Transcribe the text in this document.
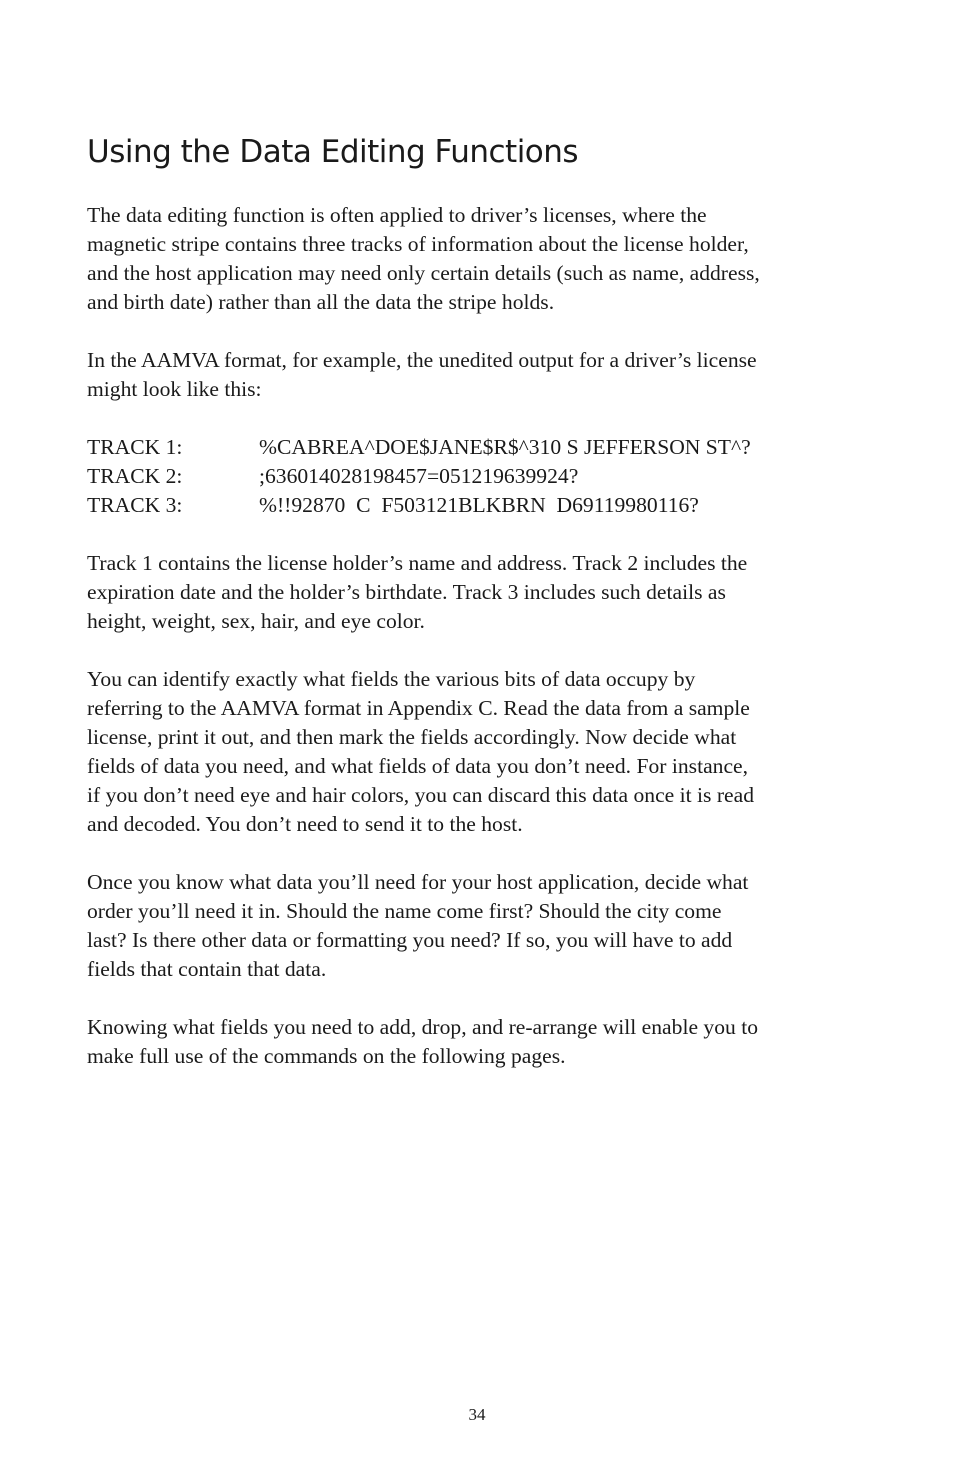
Using the Data Editing Functions

The data editing function is often applied to driver’s licenses, where the
magnetic stripe contains three tracks of information about the license holder,
and the host application may need only certain details (such as name, address,
and birth date) rather than all the data the stripe holds.

In the AAMVA format, for example, the unedited output for a driver’s license
might look like this:

TRACK 1:	%CABREA^DOE$JANE$R$^310 S JEFFERSON ST^?
TRACK 2:	;636014028198457=051219639924?
TRACK 3:	%!!92870  C  F503121BLKBRN  D69119980116?

Track 1 contains the license holder’s name and address. Track 2 includes the
expiration date and the holder’s birthdate. Track 3 includes such details as
height, weight, sex, hair, and eye color.

You can identify exactly what fields the various bits of data occupy by
referring to the AAMVA format in Appendix C. Read the data from a sample
license, print it out, and then mark the fields accordingly. Now decide what
fields of data you need, and what fields of data you don’t need. For instance,
if you don’t need eye and hair colors, you can discard this data once it is read
and decoded. You don’t need to send it to the host.

Once you know what data you’ll need for your host application, decide what
order you’ll need it in. Should the name come first? Should the city come
last? Is there other data or formatting you need? If so, you will have to add
fields that contain that data.

Knowing what fields you need to add, drop, and re-arrange will enable you to
make full use of the commands on the following pages.

34
